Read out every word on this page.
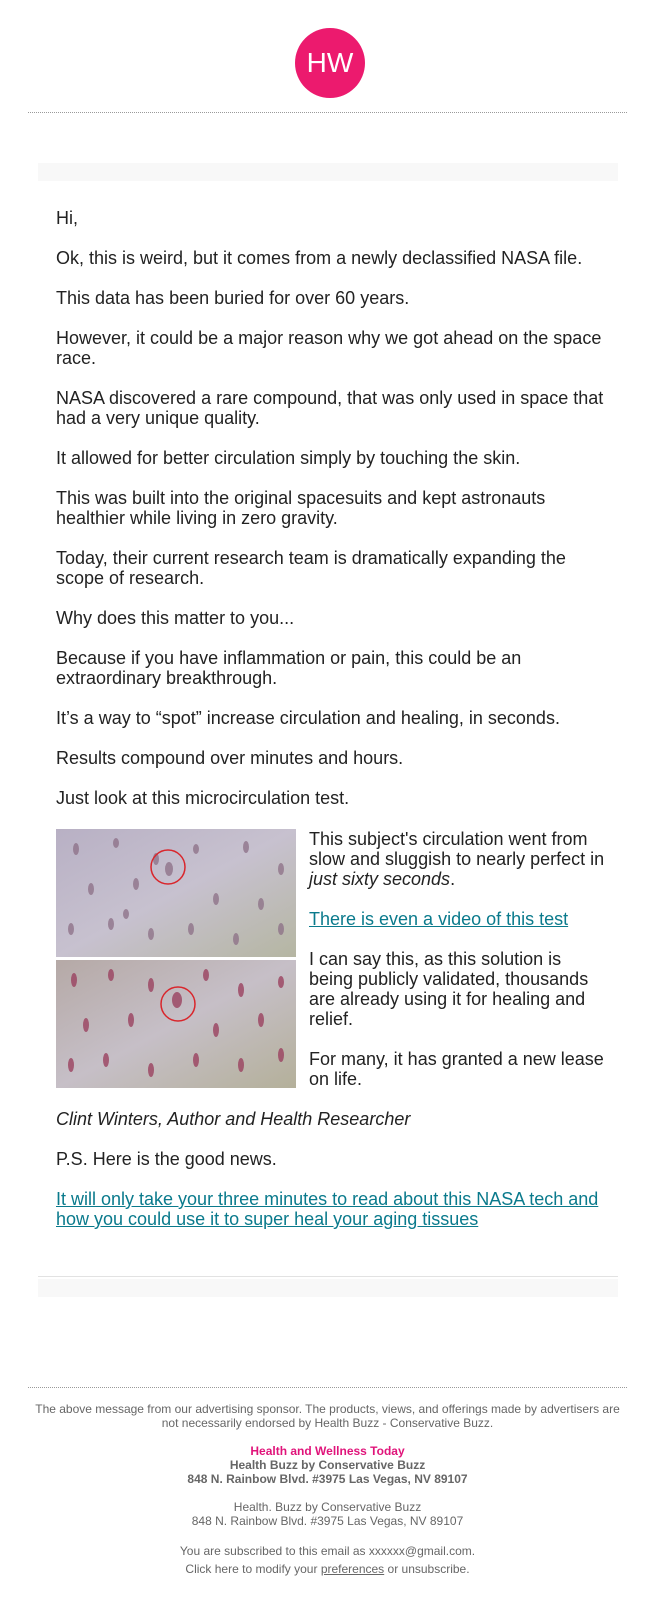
HW

Hi,

Ok, this is weird, but it comes from a newly declassified NASA file.

This data has been buried for over 60 years.

However, it could be a major reason why we got ahead on the space race.

NASA discovered a rare compound, that was only used in space that had a very unique quality.

It allowed for better circulation simply by touching the skin.

This was built into the original spacesuits and kept astronauts healthier while living in zero gravity.

Today, their current research team is dramatically expanding the scope of research.

Why does this matter to you...

Because if you have inflammation or pain, this could be an extraordinary breakthrough.

It’s a way to “spot” increase circulation and healing, in seconds.

Results compound over minutes and hours.

Just look at this microcirculation test.

This subject's circulation went from slow and sluggish to nearly perfect in just sixty seconds.

There is even a video of this test

I can say this, as this solution is being publicly validated, thousands are already using it for healing and relief.

For many, it has granted a new lease on life.

Clint Winters, Author and Health Researcher

P.S. Here is the good news.

It will only take your three minutes to read about this NASA tech and how you could use it to super heal your aging tissues

The above message from our advertising sponsor. The products, views, and offerings made by advertisers are not necessarily endorsed by Health Buzz - Conservative Buzz.

Health and Wellness Today

Health Buzz by Conservative Buzz

848 N. Rainbow Blvd. #3975 Las Vegas, NV 89107

Health. Buzz by Conservative Buzz

848 N. Rainbow Blvd. #3975 Las Vegas, NV 89107

You are subscribed to this email as xxxxxx@gmail.com.

Click here to modify your preferences or unsubscribe.
